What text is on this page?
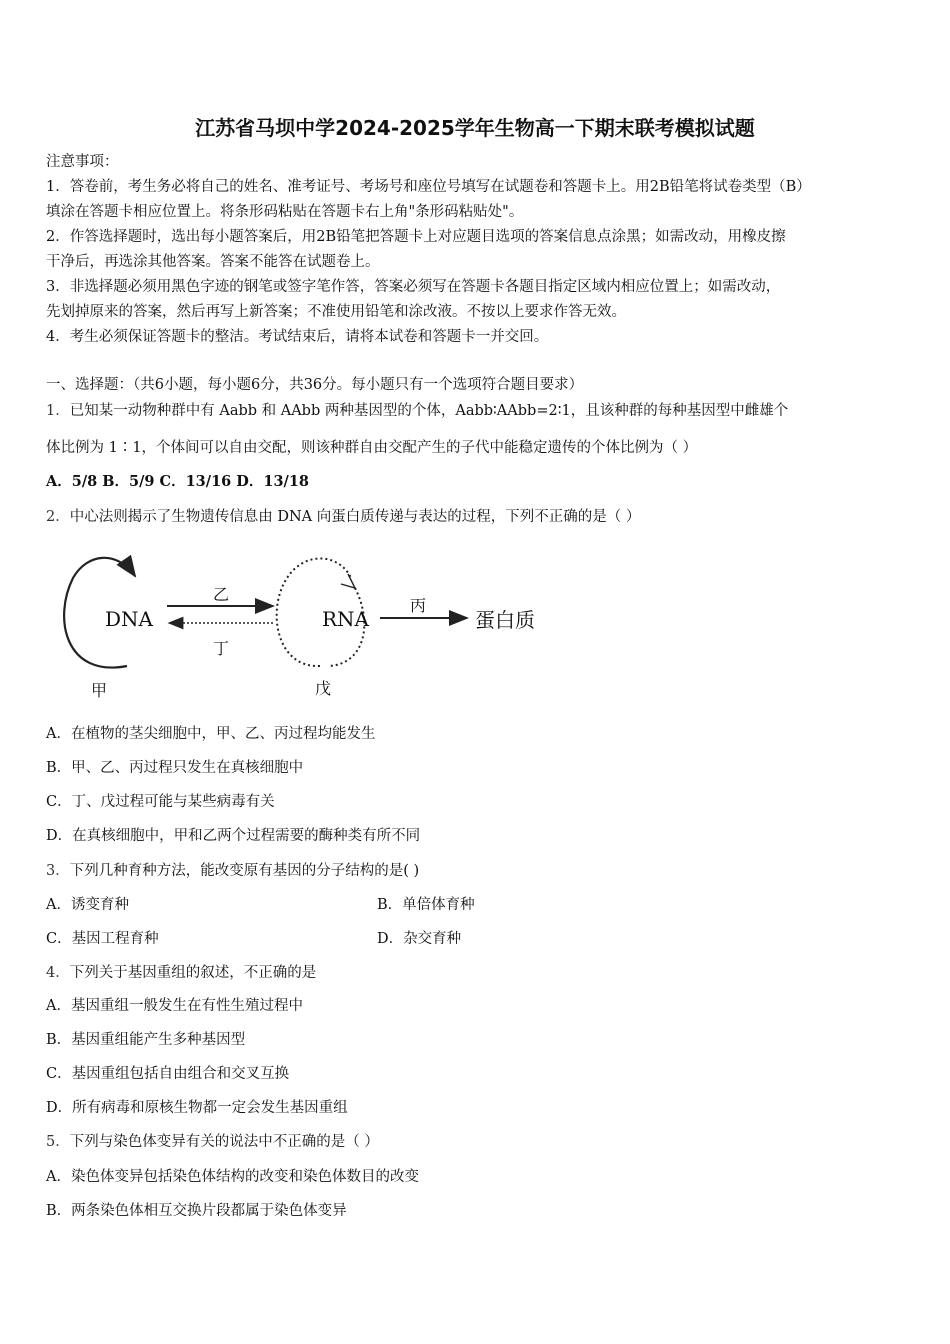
江苏省马坝中学2024-2025学年生物高一下期末联考模拟试题
注意事项：
1．答卷前，考生务必将自己的姓名、准考证号、考场号和座位号填写在试题卷和答题卡上。用2B铅笔将试卷类型（B）
填涂在答题卡相应位置上。将条形码粘贴在答题卡右上角"条形码粘贴处"。
2．作答选择题时，选出每小题答案后，用2B铅笔把答题卡上对应题目选项的答案信息点涂黑；如需改动，用橡皮擦
干净后，再选涂其他答案。答案不能答在试题卷上。
3．非选择题必须用黑色字迹的钢笔或签字笔作答，答案必须写在答题卡各题目指定区域内相应位置上；如需改动，
先划掉原来的答案，然后再写上新答案；不准使用铅笔和涂改液。不按以上要求作答无效。
4．考生必须保证答题卡的整洁。考试结束后，请将本试卷和答题卡一并交回。
一、选择题：（共6小题，每小题6分，共36分。每小题只有一个选项符合题目要求）
1．已知某一动物种群中有 Aabb 和 AAbb 两种基因型的个体，Aabb∶AAbb=2∶1，且该种群的每种基因型中雌雄个
体比例为 1∶1，个体间可以自由交配，则该种群自由交配产生的子代中能稳定遗传的个体比例为（ ）
A．5/8 B．5/9 C．13/16 D．13/18
2．中心法则揭示了生物遗传信息由 DNA 向蛋白质传递与表达的过程，下列不正确的是（ ）
DNA
乙
丁
RNA
丙
蛋白质
甲	戊
A．在植物的茎尖细胞中，甲、乙、丙过程均能发生
B．甲、乙、丙过程只发生在真核细胞中
C．丁、戊过程可能与某些病毒有关
D．在真核细胞中，甲和乙两个过程需要的酶种类有所不同
3．下列几种育种方法，能改变原有基因的分子结构的是( )
A．诱变育种	B．单倍体育种
C．基因工程育种	D．杂交育种
4．下列关于基因重组的叙述，不正确的是
A．基因重组一般发生在有性生殖过程中
B．基因重组能产生多种基因型
C．基因重组包括自由组合和交叉互换
D．所有病毒和原核生物都一定会发生基因重组
5．下列与染色体变异有关的说法中不正确的是（ ）
A．染色体变异包括染色体结构的改变和染色体数目的改变
B．两条染色体相互交换片段都属于染色体变异
